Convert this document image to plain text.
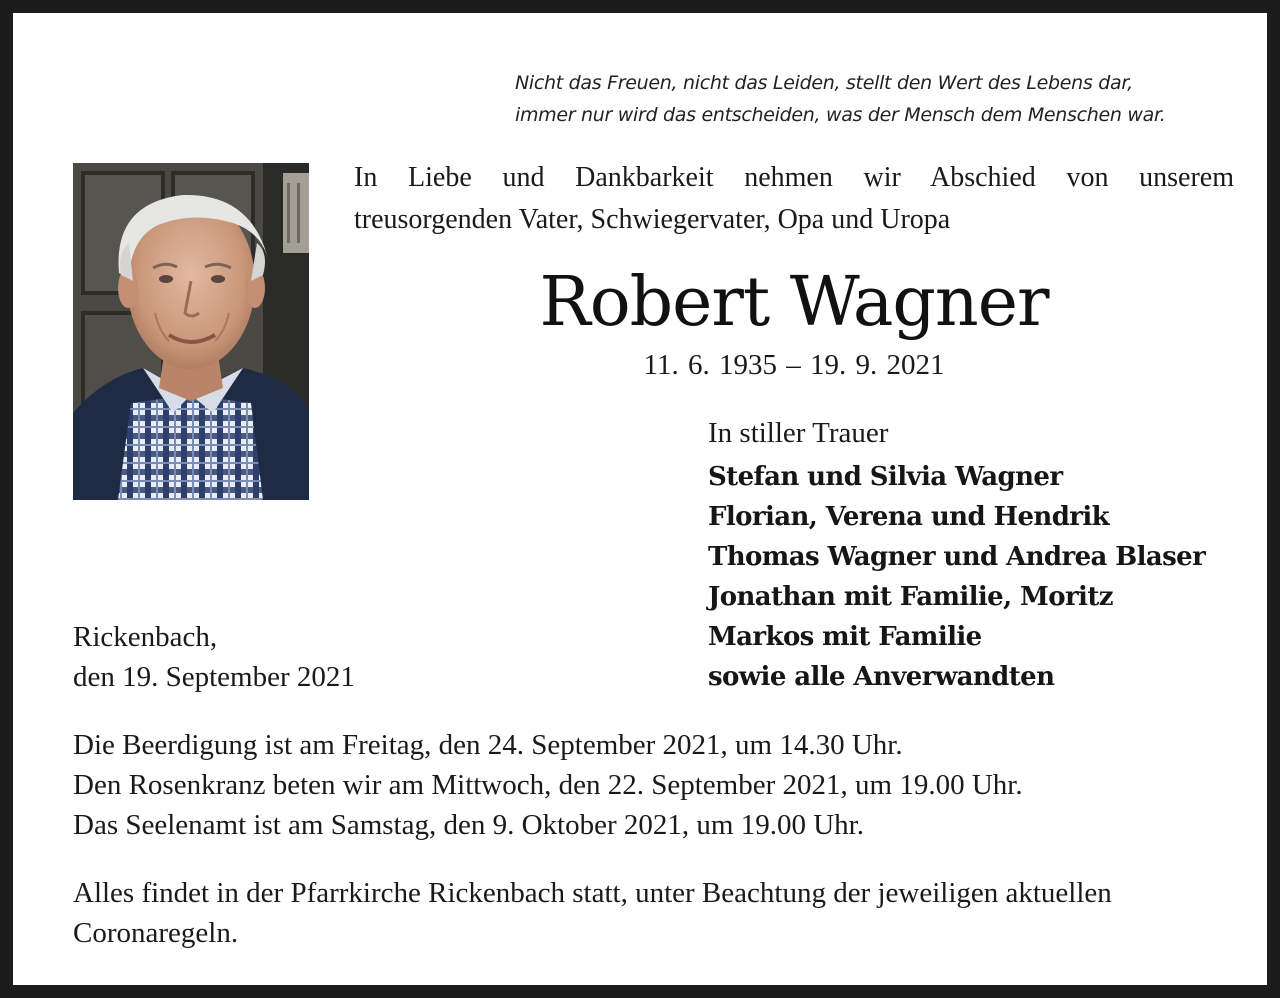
Nicht das Freuen, nicht das Leiden, stellt den Wert des Lebens dar,
immer nur wird das entscheiden, was der Mensch dem Menschen war.

In Liebe und Dankbarkeit nehmen wir Abschied von unserem
treusorgenden Vater, Schwiegervater, Opa und Uropa

Robert Wagner

11. 6. 1935 – 19. 9. 2021

In stiller Trauer

Stefan und Silvia Wagner
Florian, Verena und Hendrik
Thomas Wagner und Andrea Blaser
Jonathan mit Familie, Moritz
Markos mit Familie
sowie alle Anverwandten

Rickenbach,
den 19. September 2021

Die Beerdigung ist am Freitag, den 24. September 2021, um 14.30 Uhr.
Den Rosenkranz beten wir am Mittwoch, den 22. September 2021, um 19.00 Uhr.
Das Seelenamt ist am Samstag, den 9. Oktober 2021, um 19.00 Uhr.

Alles findet in der Pfarrkirche Rickenbach statt, unter Beachtung der jeweiligen aktuellen
Coronaregeln.
